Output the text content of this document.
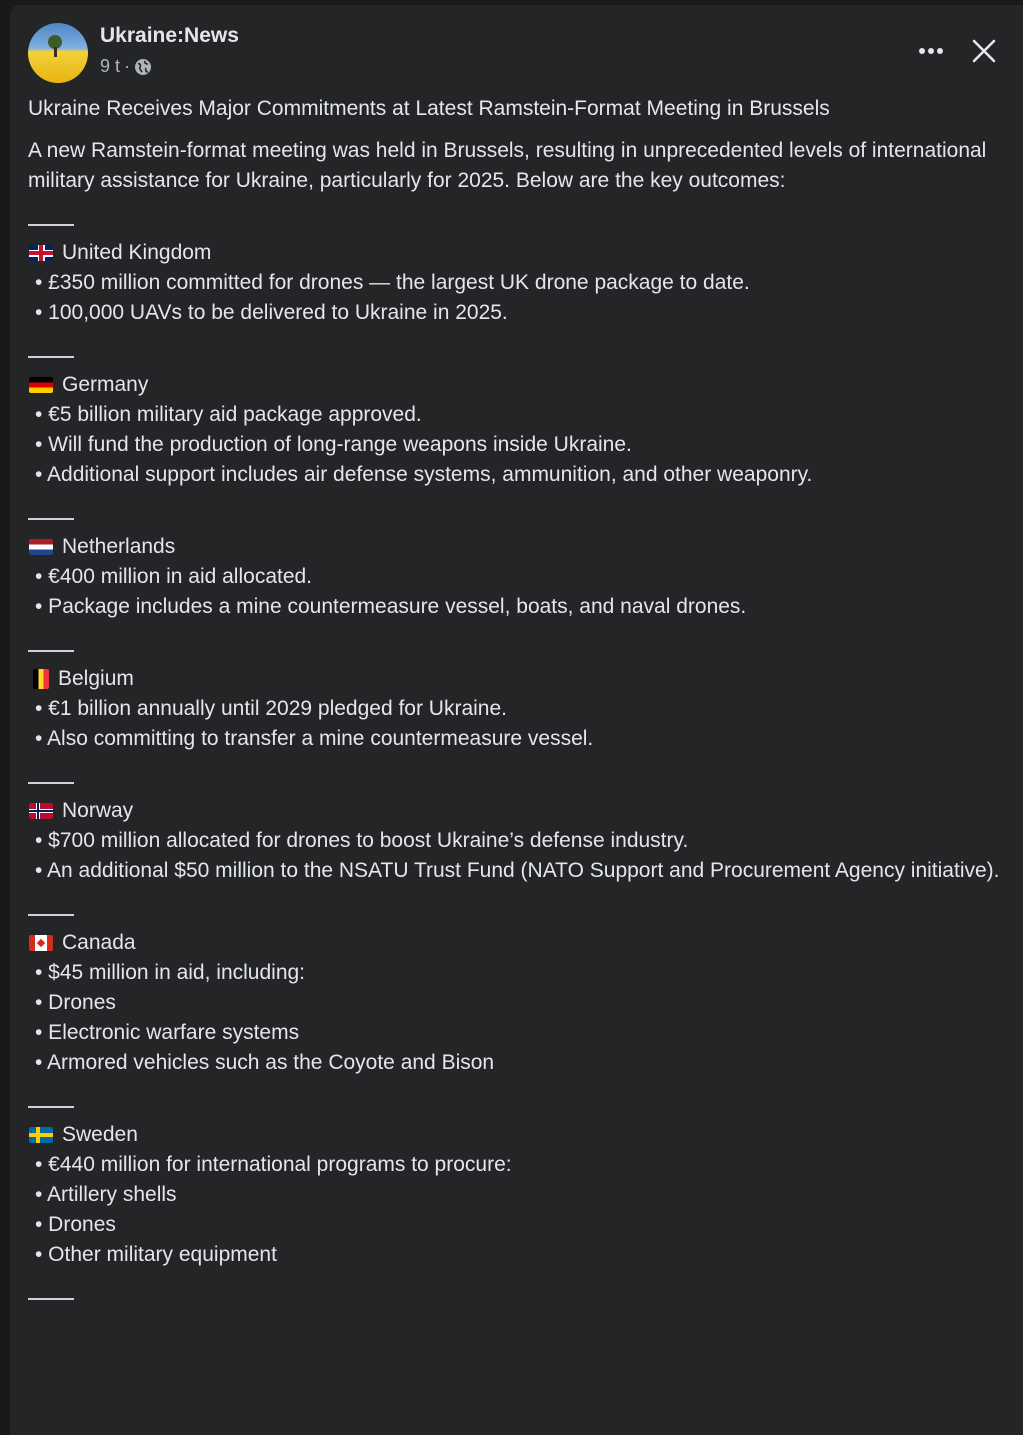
Ukraine:News
9 t ·

Ukraine Receives Major Commitments at Latest Ramstein-Format Meeting in Brussels

A new Ramstein-format meeting was held in Brussels, resulting in unprecedented levels of international military assistance for Ukraine, particularly for 2025. Below are the key outcomes:

United Kingdom

• £350 million committed for drones — the largest UK drone package to date.

• 100,000 UAVs to be delivered to Ukraine in 2025.

Germany

• €5 billion military aid package approved.

• Will fund the production of long-range weapons inside Ukraine.

• Additional support includes air defense systems, ammunition, and other weaponry.

Netherlands

• €400 million in aid allocated.

• Package includes a mine countermeasure vessel, boats, and naval drones.

Belgium

• €1 billion annually until 2029 pledged for Ukraine.

• Also committing to transfer a mine countermeasure vessel.

Norway

• $700 million allocated for drones to boost Ukraine’s defense industry.

• An additional $50 million to the NSATU Trust Fund (NATO Support and Procurement Agency initiative).

Canada

• $45 million in aid, including:

• Drones

• Electronic warfare systems

• Armored vehicles such as the Coyote and Bison

Sweden

• €440 million for international programs to procure:

• Artillery shells

• Drones

• Other military equipment
